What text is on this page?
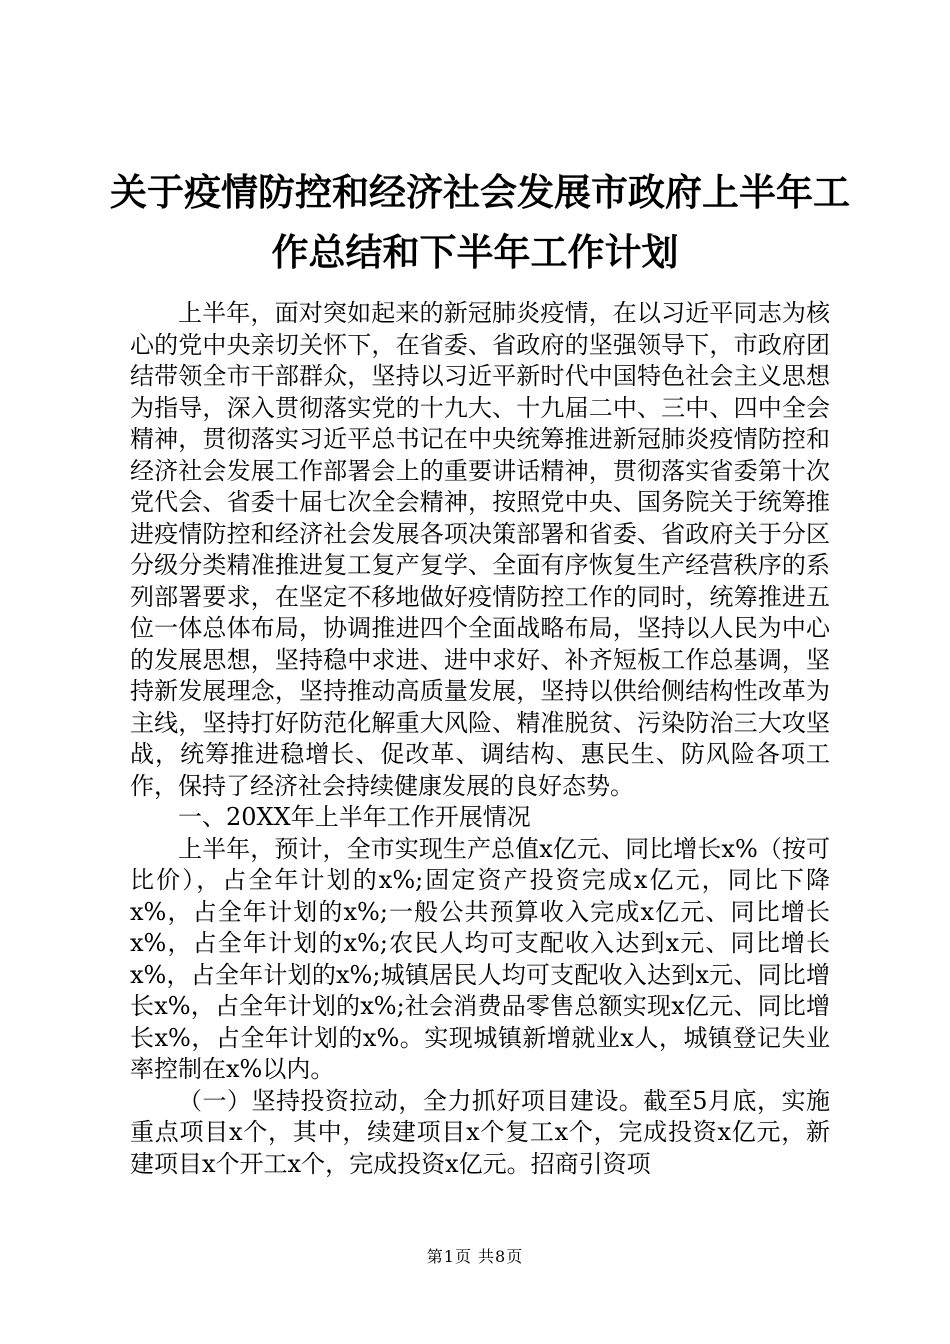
关于疫情防控和经济社会发展市政府上半年工
作总结和下半年工作计划

上半年，面对突如起来的新冠肺炎疫情，在以习近平同志为核心的党中央亲切关怀下，在省委、省政府的坚强领导下，市政府团结带领全市干部群众，坚持以习近平新时代中国特色社会主义思想为指导，深入贯彻落实党的十九大、十九届二中、三中、四中全会精神，贯彻落实习近平总书记在中央统筹推进新冠肺炎疫情防控和经济社会发展工作部署会上的重要讲话精神，贯彻落实省委第十次党代会、省委十届七次全会精神，按照党中央、国务院关于统筹推进疫情防控和经济社会发展各项决策部署和省委、省政府关于分区分级分类精准推进复工复产复学、全面有序恢复生产经营秩序的系列部署要求，在坚定不移地做好疫情防控工作的同时，统筹推进五位一体总体布局，协调推进四个全面战略布局，坚持以人民为中心的发展思想，坚持稳中求进、进中求好、补齐短板工作总基调，坚持新发展理念，坚持推动高质量发展，坚持以供给侧结构性改革为主线，坚持打好防范化解重大风险、精准脱贫、污染防治三大攻坚战，统筹推进稳增长、促改革、调结构、惠民生、防风险各项工作，保持了经济社会持续健康发展的良好态势。

一、20XX年上半年工作开展情况

上半年，预计，全市实现生产总值x亿元、同比增长x%（按可比价），占全年计划的x%;固定资产投资完成x亿元，同比下降x%，占全年计划的x%;一般公共预算收入完成x亿元、同比增长x%，占全年计划的x%;农民人均可支配收入达到x元、同比增长x%，占全年计划的x%;城镇居民人均可支配收入达到x元、同比增长x%，占全年计划的x%;社会消费品零售总额实现x亿元、同比增长x%，占全年计划的x%。实现城镇新增就业x人，城镇登记失业率控制在x%以内。

（一）坚持投资拉动，全力抓好项目建设。截至5月底，实施重点项目x个，其中，续建项目x个复工x个，完成投资x亿元，新建项目x个开工x个，完成投资x亿元。招商引资项

第1页 共8页
